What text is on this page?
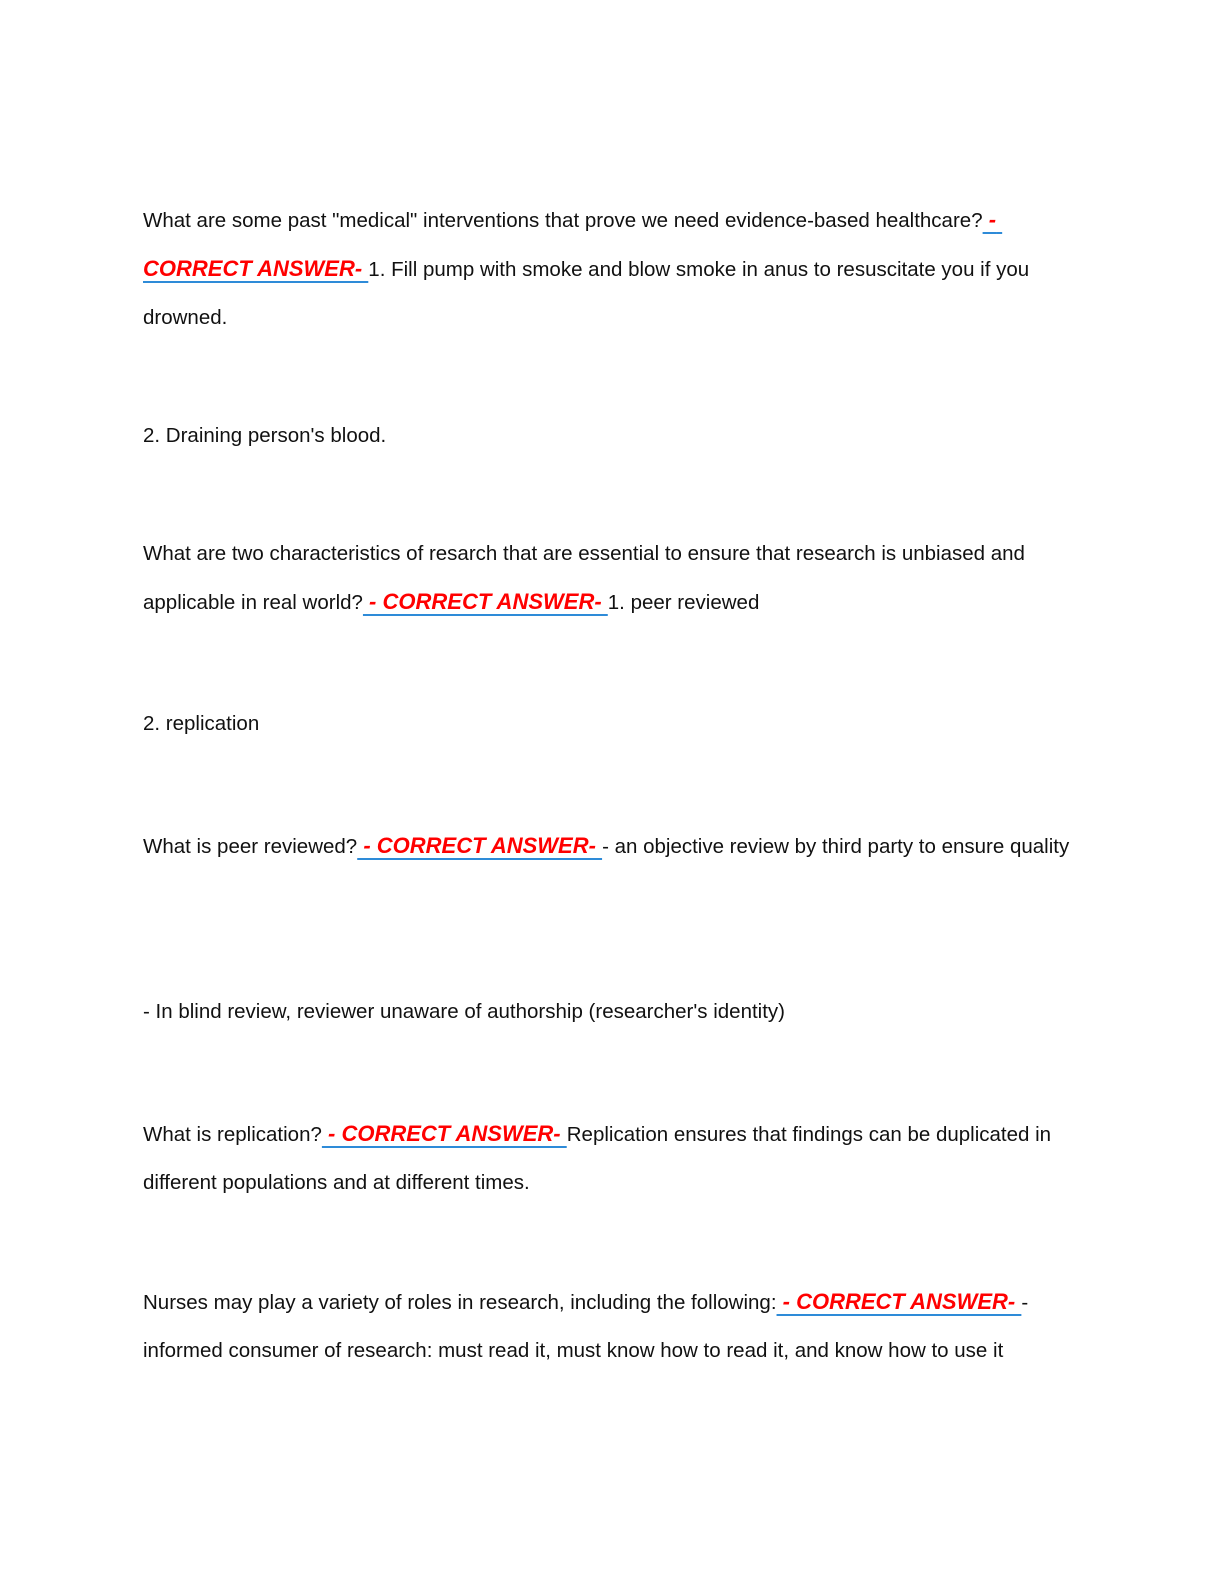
What are some past "medical" interventions that prove we need evidence-based healthcare? - CORRECT ANSWER- 1. Fill pump with smoke and blow smoke in anus to resuscitate you if you drowned.
2. Draining person's blood.
What are two characteristics of resarch that are essential to ensure that research is unbiased and applicable in real world? - CORRECT ANSWER- 1. peer reviewed
2. replication
What is peer reviewed? - CORRECT ANSWER- - an objective review by third party to ensure quality
- In blind review, reviewer unaware of authorship (researcher's identity)
What is replication? - CORRECT ANSWER- Replication ensures that findings can be duplicated in different populations and at different times.
Nurses may play a variety of roles in research, including the following: - CORRECT ANSWER- - informed consumer of research: must read it, must know how to read it, and know how to use it
